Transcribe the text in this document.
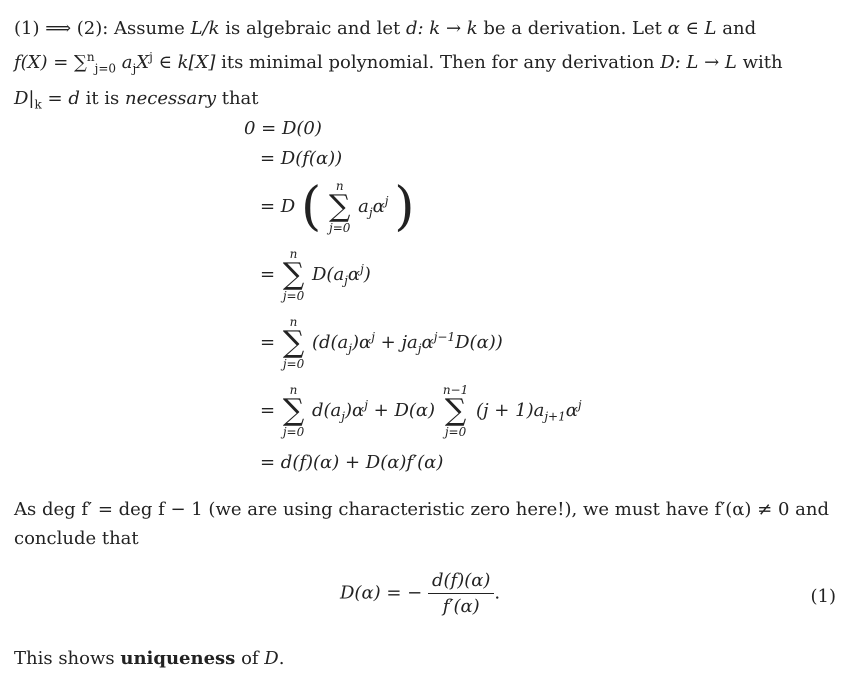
(1) ⟹ (2): Assume L/k is algebraic and let d: k → k be a derivation. Let α ∈ L and
f(X) = ∑$^n_{j=0}$ $a_jX^j$ ∈ k[X] its minimal polynomial. Then for any derivation D: L → L with
$D|_k = d$ it is necessary that
0 = D(0)
= D(f(α))
= D (	n
∑
j=0
$a_j\alpha^j$ )
=
n
∑
j=0
$D(a_j\alpha^j)$
=
n
∑
j=0
$(d(a_j)\alpha^j + ja_j\alpha^{j-1}D(\alpha))$
=
n
∑
j=0
$d(a_j)\alpha^j + D(\alpha)$
n−1
∑
j=0
$(j + 1)a_{j+1}\alpha^j$
= d(f)(α) + D(α)f′(α)
As deg f′ = deg f − 1 (we are using characteristic zero here!), we must have f′(α) ≠ 0 and
conclude that
D(α) = − $\frac{d(f)(\alpha)}{f'(\alpha)}$ .	(1)
This shows uniqueness of D.
